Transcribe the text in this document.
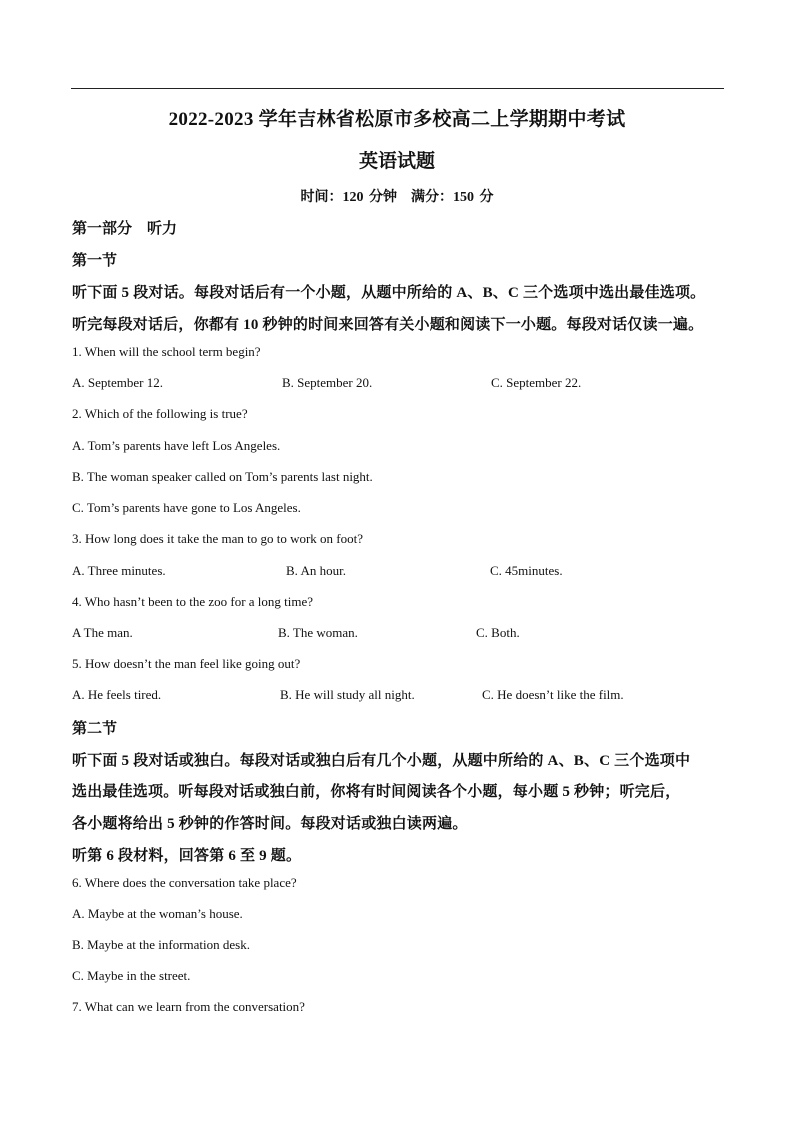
2022-2023 学年吉林省松原市多校高二上学期期中考试
英语试题
时间：120 分钟　满分：150 分
第一部分　听力
第一节
听下面 5 段对话。每段对话后有一个小题，从题中所给的 A、B、C 三个选项中选出最佳选项。
听完每段对话后，你都有 10 秒钟的时间来回答有关小题和阅读下一小题。每段对话仅读一遍。
1. When will the school term begin?
A. September 12.	B. September 20.	C. September 22.
2. Which of the following is true?
A. Tom’s parents have left Los Angeles.
B. The woman speaker called on Tom’s parents last night.
C. Tom’s parents have gone to Los Angeles.
3. How long does it take the man to go to work on foot?
A. Three minutes.	B. An hour.	C. 45minutes.
4. Who hasn’t been to the zoo for a long time?
A The man.	B. The woman.	C. Both.
5. How doesn’t the man feel like going out?
A. He feels tired.	B. He will study all night.	C. He doesn’t like the film.
第二节
听下面 5 段对话或独白。每段对话或独白后有几个小题，从题中所给的 A、B、C 三个选项中
选出最佳选项。听每段对话或独白前，你将有时间阅读各个小题，每小题 5 秒钟；听完后，
各小题将给出 5 秒钟的作答时间。每段对话或独白读两遍。
听第 6 段材料，回答第 6 至 9 题。
6. Where does the conversation take place?
A. Maybe at the woman’s house.
B. Maybe at the information desk.
C. Maybe in the street.
7. What can we learn from the conversation?
